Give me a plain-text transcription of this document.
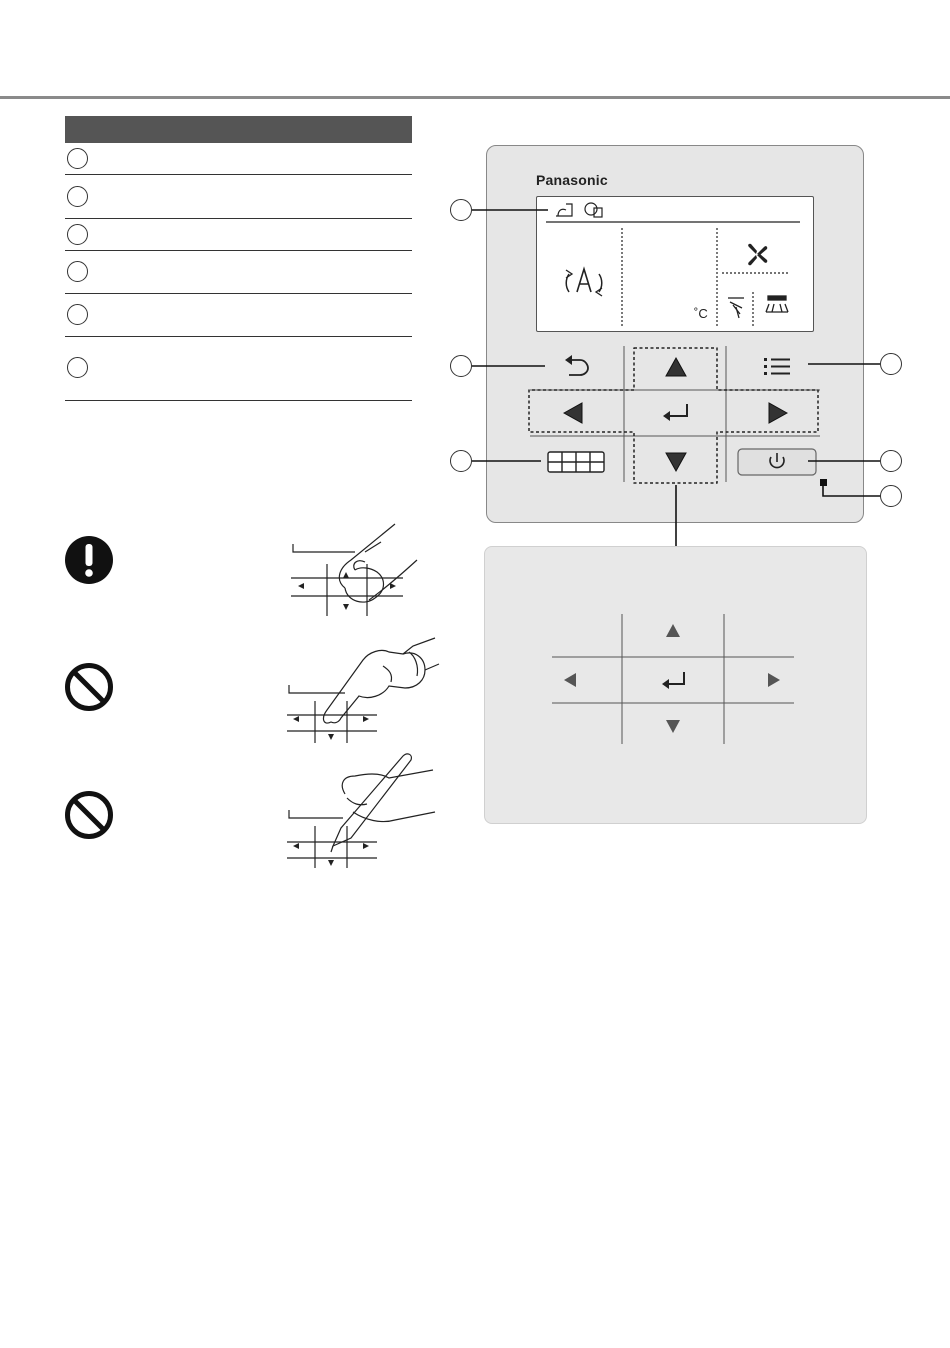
Panasonic
˚C
